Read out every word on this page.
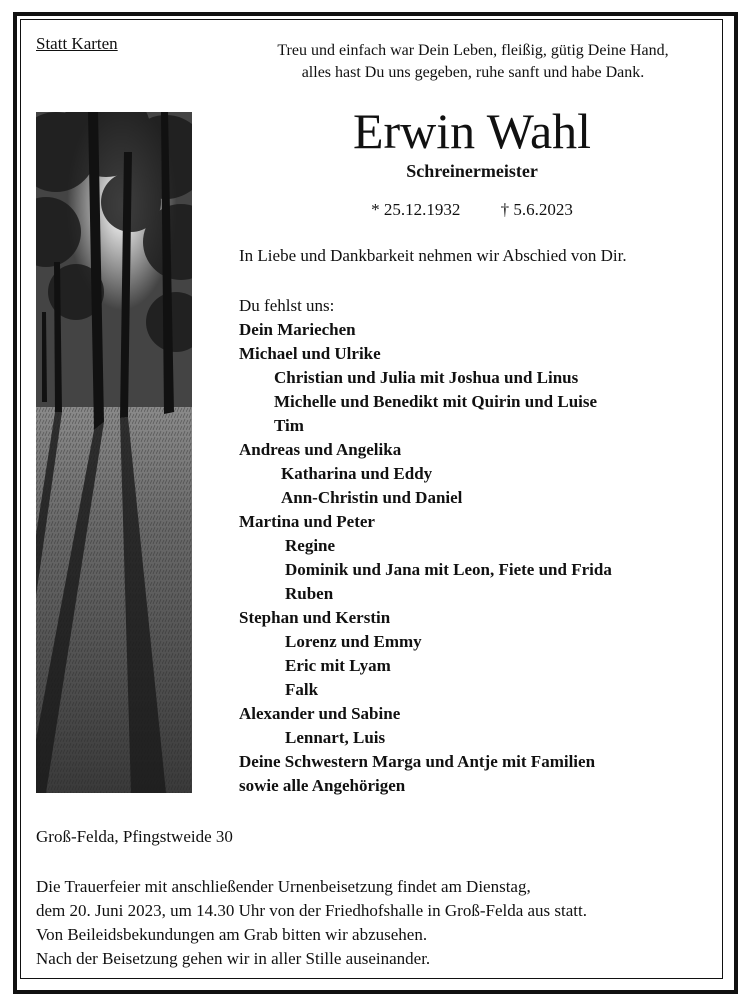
Statt Karten	Treu und einfach war Dein Leben, fleißig, gütig Deine Hand,
alles hast Du uns gegeben, ruhe sanft und habe Dank.
Erwin Wahl
Schreinermeister
* 25.12.1932 † 5.6.2023
In Liebe und Dankbarkeit nehmen wir Abschied von Dir.
Du fehlst uns:
Dein Mariechen
Michael und Ulrike
Christian und Julia mit Joshua und Linus
Michelle und Benedikt mit Quirin und Luise
Tim
Andreas und Angelika
Katharina und Eddy
Ann-Christin und Daniel
Martina und Peter
Regine
Dominik und Jana mit Leon, Fiete und Frida
Ruben
Stephan und Kerstin
Lorenz und Emmy
Eric mit Lyam
Falk
Alexander und Sabine
Lennart, Luis
Deine Schwestern Marga und Antje mit Familien
sowie alle Angehörigen
Groß-Felda, Pfingstweide 30
Die Trauerfeier mit anschließender Urnenbeisetzung findet am Dienstag,
dem 20. Juni 2023, um 14.30 Uhr von der Friedhofshalle in Groß-Felda aus statt.
Von Beileidsbekundungen am Grab bitten wir abzusehen.
Nach der Beisetzung gehen wir in aller Stille auseinander.
